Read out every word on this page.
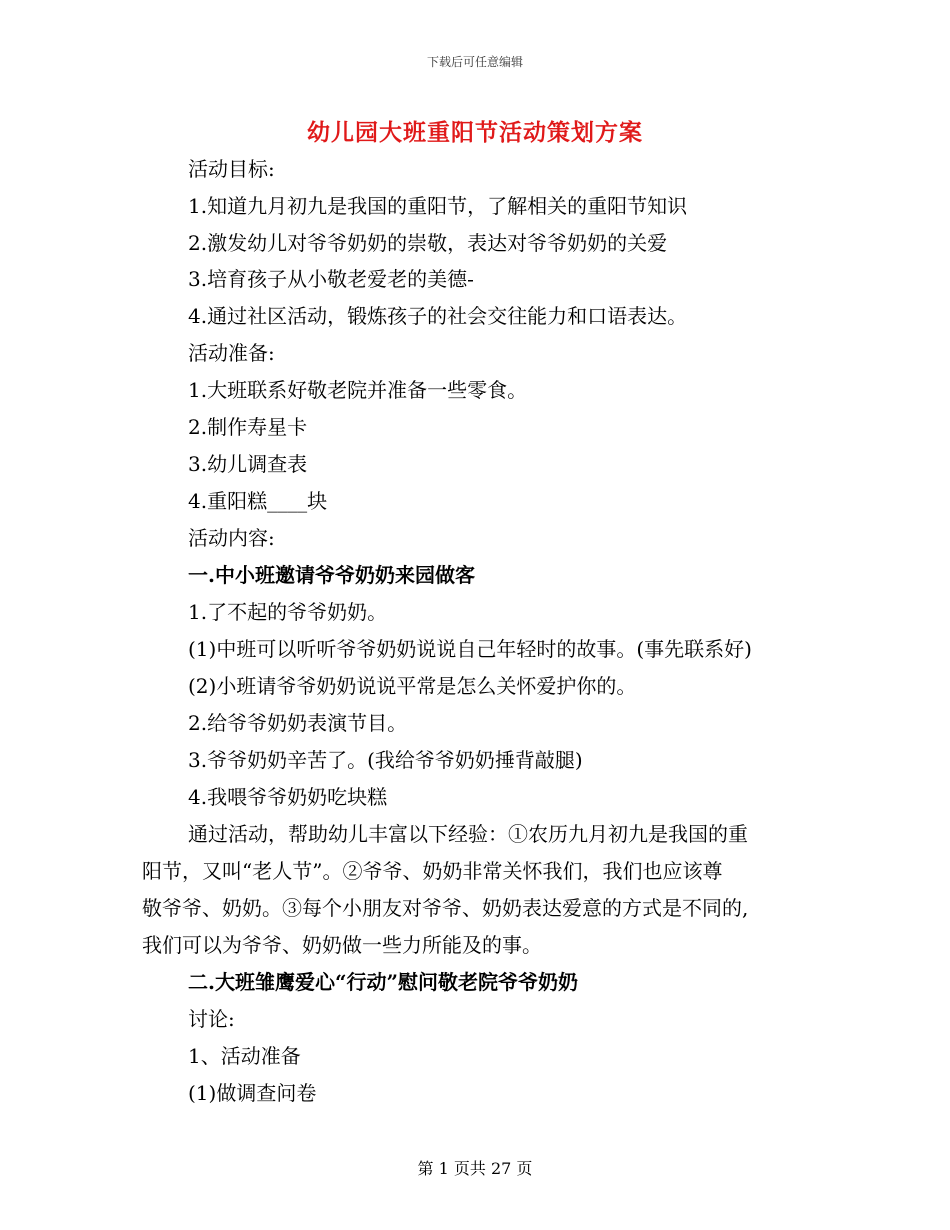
下载后可任意编辑
幼儿园大班重阳节活动策划方案
活动目标:
1.知道九月初九是我国的重阳节，了解相关的重阳节知识
2.激发幼儿对爷爷奶奶的崇敬，表达对爷爷奶奶的关爱
3.培育孩子从小敬老爱老的美德-
4.通过社区活动，锻炼孩子的社会交往能力和口语表达。
活动准备:
1.大班联系好敬老院并准备一些零食。
2.制作寿星卡
3.幼儿调查表
4.重阳糕____块
活动内容:
一.中小班邀请爷爷奶奶来园做客
1.了不起的爷爷奶奶。
(1)中班可以听听爷爷奶奶说说自己年轻时的故事。(事先联系好)
(2)小班请爷爷奶奶说说平常是怎么关怀爱护你的。
2.给爷爷奶奶表演节目。
3.爷爷奶奶辛苦了。(我给爷爷奶奶捶背敲腿)
4.我喂爷爷奶奶吃块糕
通过活动，帮助幼儿丰富以下经验：①农历九月初九是我国的重
阳节，又叫“老人节”。②爷爷、奶奶非常关怀我们，我们也应该尊
敬爷爷、奶奶。③每个小朋友对爷爷、奶奶表达爱意的方式是不同的,
我们可以为爷爷、奶奶做一些力所能及的事。
二.大班雏鹰爱心“行动”慰问敬老院爷爷奶奶
讨论:
1、活动准备
(1)做调查问卷
第 1 页共 27 页
